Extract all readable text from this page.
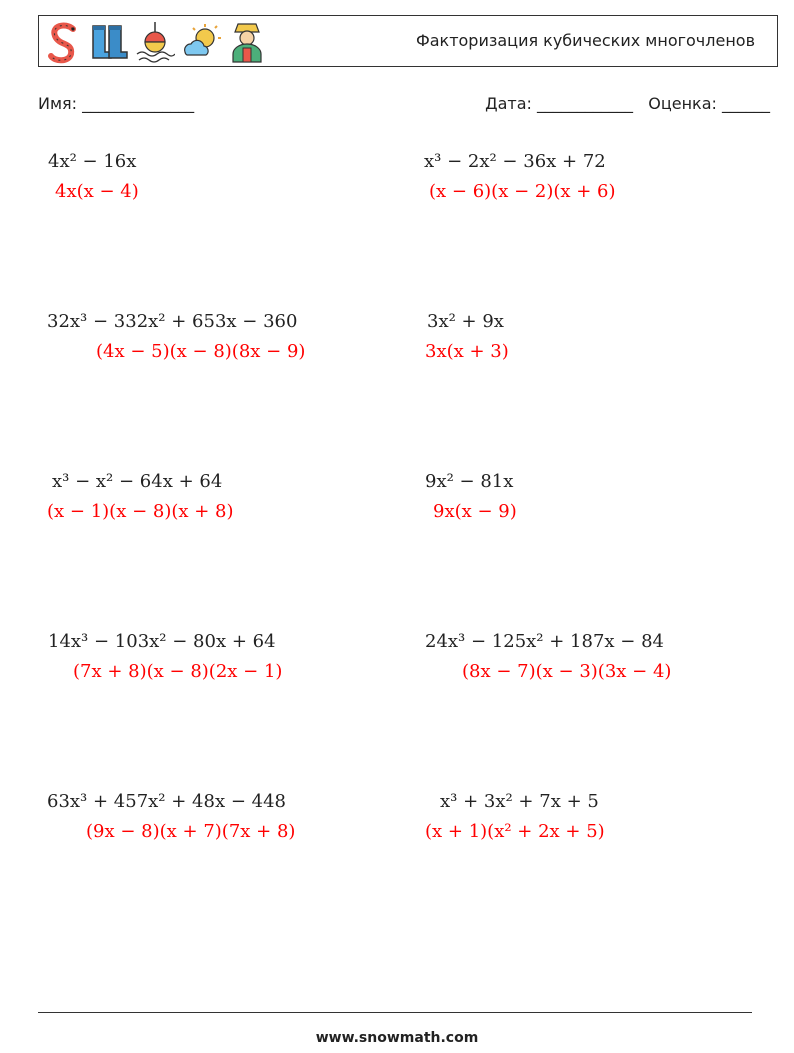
Факторизация кубических многочленов
Имя: ______________	Дата: ____________ Оценка: ______
4x² − 16x
4x(x − 4)
32x³ − 332x² + 653x − 360
(4x − 5)(x − 8)(8x − 9)
x³ − x² − 64x + 64
(x − 1)(x − 8)(x + 8)
14x³ − 103x² − 80x + 64
(7x + 8)(x − 8)(2x − 1)
63x³ + 457x² + 48x − 448
(9x − 8)(x + 7)(7x + 8)
x³ − 2x² − 36x + 72
(x − 6)(x − 2)(x + 6)
3x² + 9x
3x(x + 3)
9x² − 81x
9x(x − 9)
24x³ − 125x² + 187x − 84
(8x − 7)(x − 3)(3x − 4)
x³ + 3x² + 7x + 5
(x + 1)(x² + 2x + 5)
www.snowmath.com
